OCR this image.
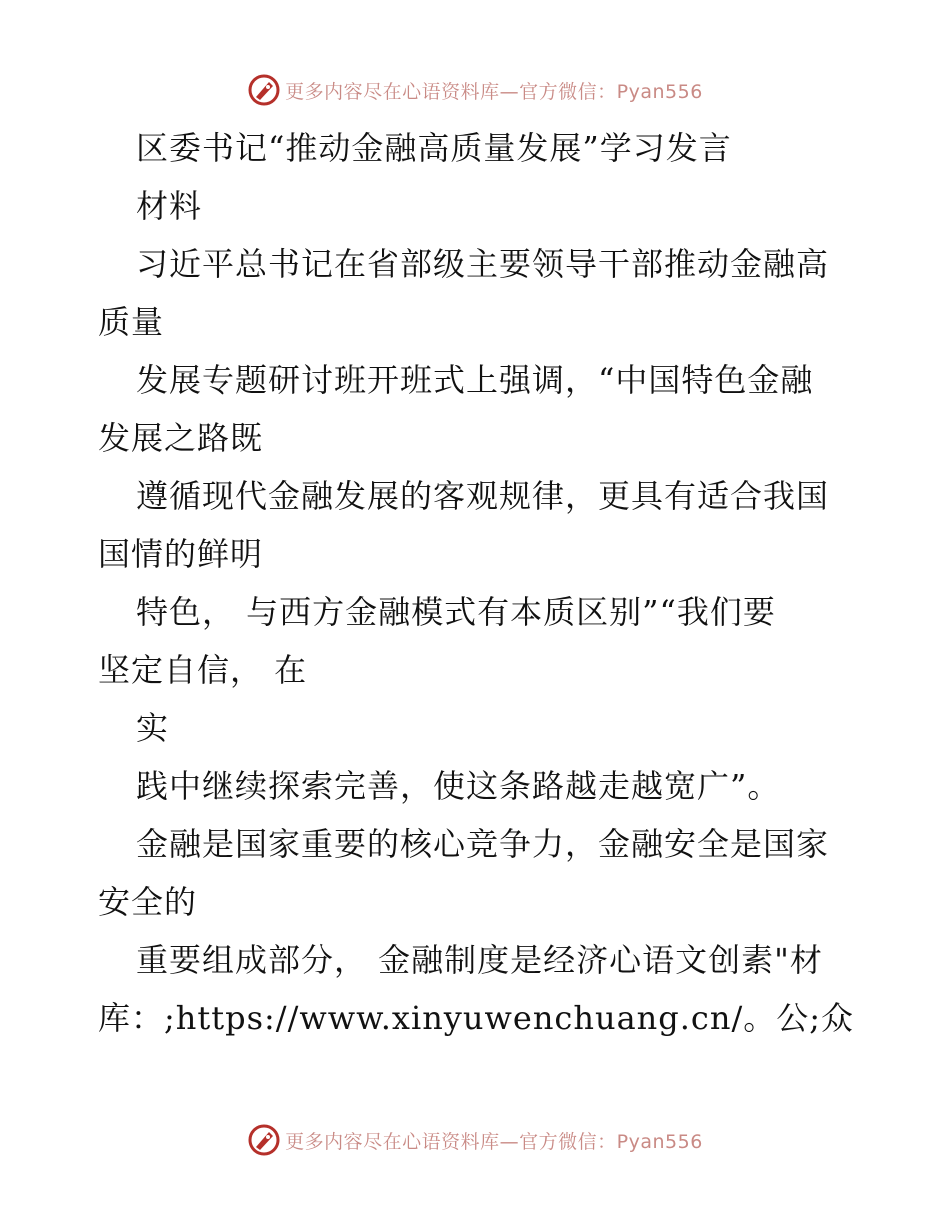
更多内容尽在心语资料库—官方微信：Pyan556
区委书记“推动金融高质量发展”学习发言
材料
习近平总书记在省部级主要领导干部推动金融高
质量
发展专题研讨班开班式上强调，“中国特色金融
发展之路既
遵循现代金融发展的客观规律，更具有适合我国
国情的鲜明
特色， 与西方金融模式有本质区别”“我们要
坚定自信， 在
实
践中继续探索完善，使这条路越走越宽广”。
金融是国家重要的核心竞争力，金融安全是国家
安全的
重要组成部分， 金融制度是经济心语文创素"材
库：;https://www.xinyuwenchuang.cn/。公;众
更多内容尽在心语资料库—官方微信：Pyan556
